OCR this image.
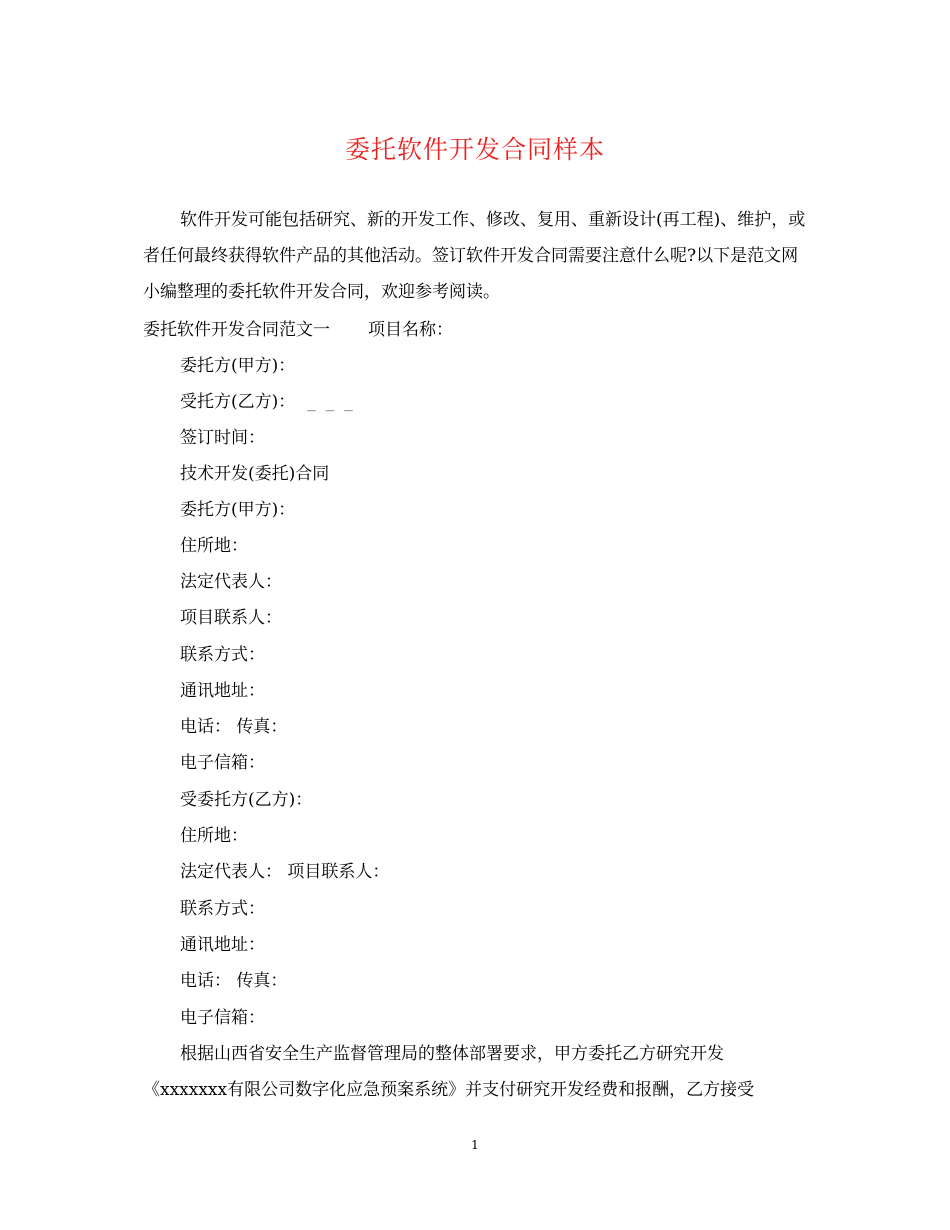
委托软件开发合同样本
软件开发可能包括研究、新的开发工作、修改、复用、重新设计(再工程)、维护，或者任何最终获得软件产品的其他活动。签订软件开发合同需要注意什么呢?以下是范文网小编整理的委托软件开发合同，欢迎参考阅读。
委托软件开发合同范文一 项目名称：
委托方(甲方)：
受托方(乙方)： ___
签订时间：
技术开发(委托)合同
委托方(甲方)：
住所地：
法定代表人：
项目联系人：
联系方式：
通讯地址：
电话： 传真：
电子信箱：
受委托方(乙方)：
住所地：
法定代表人： 项目联系人：
联系方式：
通讯地址：
电话： 传真：
电子信箱：
根据山西省安全生产监督管理局的整体部署要求，甲方委托乙方研究开发《xxxxxxx有限公司数字化应急预案系统》并支付研究开发经费和报酬，乙方接受
1
